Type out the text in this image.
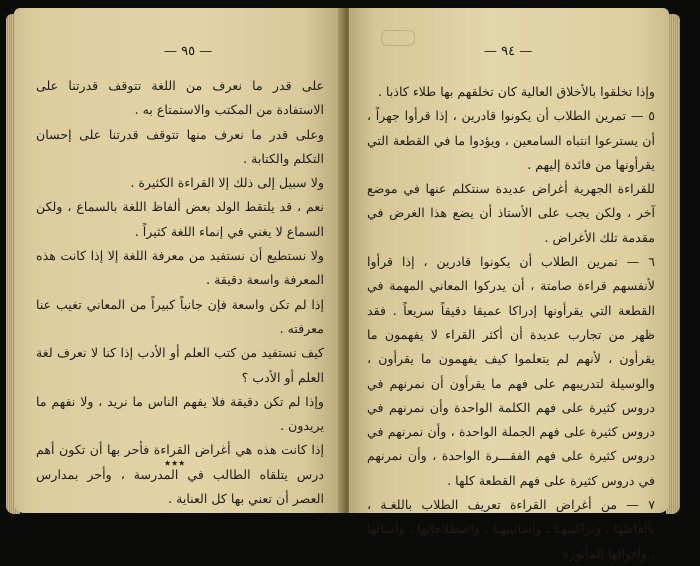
— ٩٥ —

على قدر ما نعرف من اللغة تتوقف قدرتنا على الاستفادة من المكتب والاستمتاع به .

وعلى قدر ما نعرف منها تتوقف قدرتنا على إحسان التكلم والكتابة .

ولا سبيل إلى ذلك إلا القراءة الكثيرة .

نعم ، قد يلتقط الولد بعض ألفاظ اللغة بالسماع ، ولكن السماع لا يغني في إنماء اللغة كثيراً .

ولا نستطيع أن نستفيد من معرفة اللغة إلا إذا كانت هذه المعرفة واسعة دقيقة .

إذا لم تكن واسعة فإن جانباً كبيراً من المعاني تغيب عنا معرفته .

كيف نستفيد من كتب العلم أو الأدب إذا كنا لا نعرف لغة العلم أو الأدب ؟

وإذا لم تكن دقيقة فلا يفهم الناس ما نريد ، ولا نفهم ما يريدون .

إذا كانت هذه هي أغراض القراءة فأحر بها أن تكون أهم درس يتلقاه الطالب في المدرسة ، وأحر بمدارس العصر أن تعني بها كل العناية .

٭٭٭
— ٩٤ —

وإذا تخلقوا بالأخلاق العالية كان تخلقهم بها طلاء كاذبا .

٥ — تمرين الطلاب أن يكونوا قادرين ، إذا قرأوا جهراً ، أن يسترعوا انتباه السامعين ، ويؤدوا ما في القطعة التي يقرأونها من فائدة إليهم .

للقراءة الجهرية أغراض عديدة سنتكلم عنها في موضع آخر ، ولكن يجب على الأستاذ أن يضع هذا الغرض في مقدمة تلك الأغراض .

٦ — تمرين الطلاب أن يكونوا قادرين ، إذا قرأوا لأنفسهم قراءة صامتة ، أن يدركوا المعاني المهمة في القطعة التي يقرأونها إدراكا عميقا دقيقاً سريعاً . فقد ظهر من تجارب عديدة أن أكثر القراء لا يفهمون ما يقرأون ، لأنهم لم يتعلموا كيف يفهمون ما يقرأون ، والوسيلة لتدريبهم على فهم ما يقرأون أن نمرنهم في دروس كثيرة على فهم الكلمة الواحدة وأن نمرنهم في دروس كثيرة على فهم الجملة الواحدة ، وأن نمرنهم في دروس كثيرة على فهم الفقـــرة الواحدة ، وأن نمرنهم في دروس كثيرة على فهم القطعة كلها .

٧ — من أغراض القراءة تعريف الطلاب باللغـة ، بألفاظها ، وتراكيبهـا ، وأساليبهـا ، واصطلاحاتها ، وأمثالها ، وأقوالها المأثورة .
